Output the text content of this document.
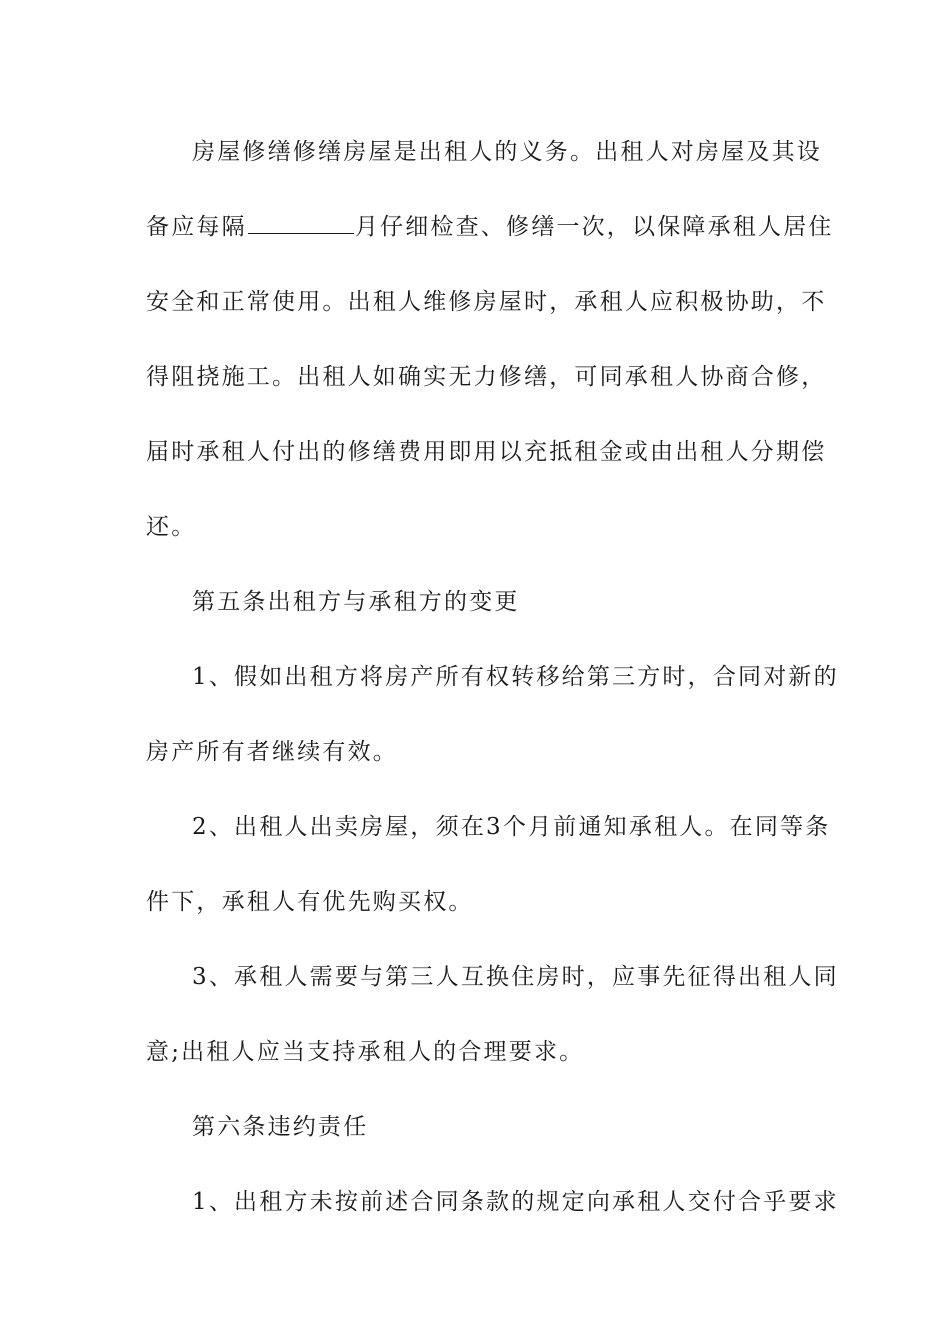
房屋修缮修缮房屋是出租人的义务。出租人对房屋及其设
备应每隔	月仔细检查、修缮一次，以保障承租人居住
安全和正常使用。出租人维修房屋时，承租人应积极协助，不
得阻挠施工。出租人如确实无力修缮，可同承租人协商合修，
届时承租人付出的修缮费用即用以充抵租金或由出租人分期偿
还。
第五条出租方与承租方的变更
1、假如出租方将房产所有权转移给第三方时，合同对新的
房产所有者继续有效。
2、出租人出卖房屋，须在3个月前通知承租人。在同等条
件下，承租人有优先购买权。
3、承租人需要与第三人互换住房时，应事先征得出租人同
意;出租人应当支持承租人的合理要求。
第六条违约责任
1、出租方未按前述合同条款的规定向承租人交付合乎要求
